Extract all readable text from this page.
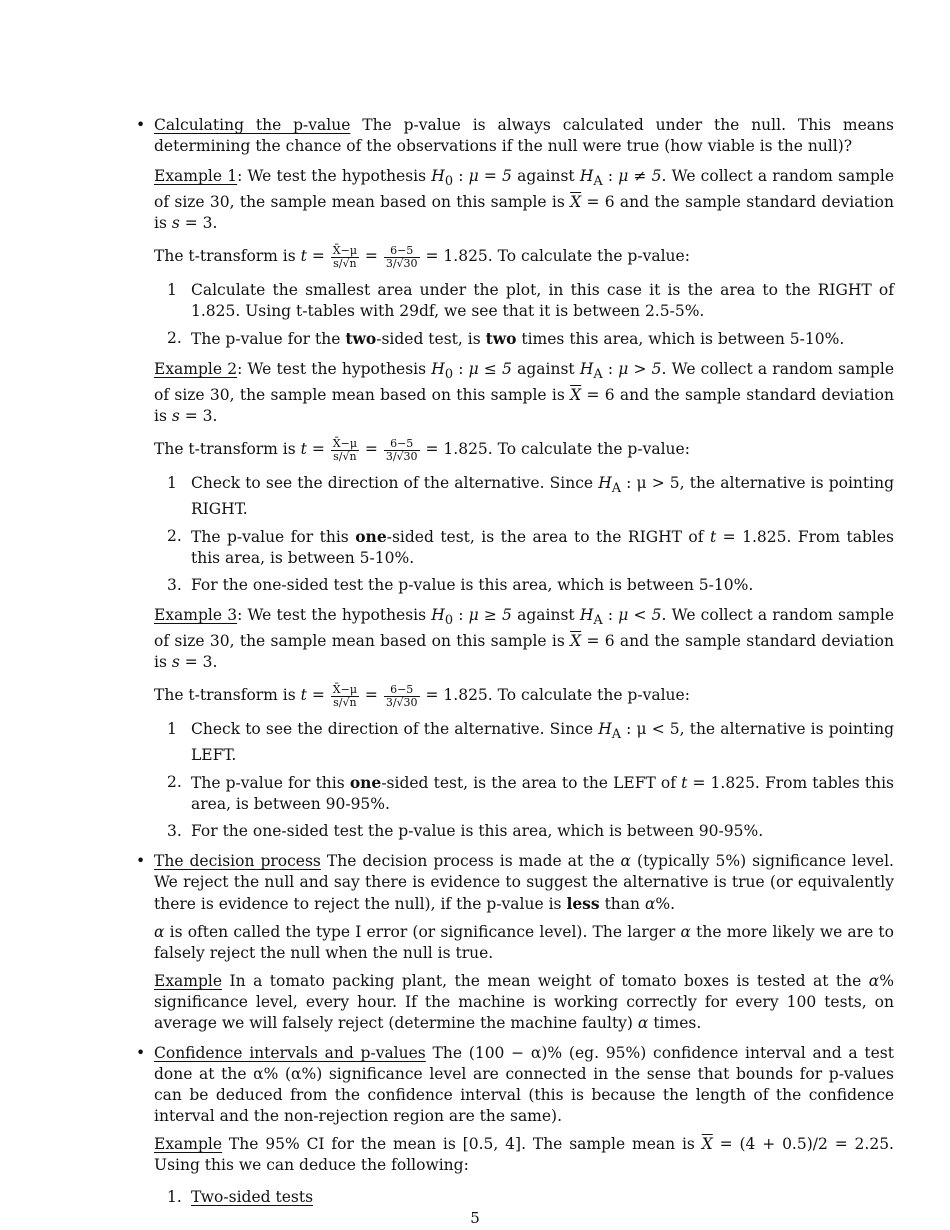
• Calculating the p-value The p-value is always calculated under the null. This means determining the chance of the observations if the null were true (how viable is the null)?

Example 1: We test the hypothesis $H_0$ : μ = 5 against $H_A$ : μ ≠ 5. We collect a random sample of size 30, the sample mean based on this sample is $\overline{X} = 6$ and the sample standard deviation is s = 3.

The t-transform is $t = \frac{X̄-\mu}{s/√n} = \frac{6-5}{3/√30} = 1.825$. To calculate the p-value:

1 Calculate the smallest area under the plot, in this case it is the area to the RIGHT of 1.825. Using t-tables with 29df, we see that it is between 2.5-5%.
2. The p-value for the two-sided test, is two times this area, which is between 5-10%.

Example 2: We test the hypothesis $H_0$ : μ ≤ 5 against $H_A$ : μ > 5. We collect a random sample of size 30, the sample mean based on this sample is $\overline{X} = 6$ and the sample standard deviation is s = 3.

The t-transform is $t = \frac{X̄-\mu}{s/√n} = \frac{6-5}{3/√30} = 1.825$. To calculate the p-value:

1 Check to see the direction of the alternative. Since $H_A$ : μ > 5, the alternative is pointing RIGHT.
2. The p-value for this one-sided test, is the area to the RIGHT of t = 1.825. From tables this area, is between 5-10%.
3. For the one-sided test the p-value is this area, which is between 5-10%.

Example 3: We test the hypothesis $H_0$ : μ ≥ 5 against $H_A$ : μ < 5. We collect a random sample of size 30, the sample mean based on this sample is $\overline{X} = 6$ and the sample standard deviation is s = 3.

The t-transform is $t = \frac{X̄-\mu}{s/√n} = \frac{6-5}{3/√30} = 1.825$. To calculate the p-value:

1 Check to see the direction of the alternative. Since $H_A$ : μ < 5, the alternative is pointing LEFT.
2. The p-value for this one-sided test, is the area to the LEFT of t = 1.825. From tables this area, is between 90-95%.
3. For the one-sided test the p-value is this area, which is between 90-95%.
• The decision process The decision process is made at the α (typically 5%) significance level. We reject the null and say there is evidence to suggest the alternative is true (or equivalently there is evidence to reject the null), if the p-value is less than α%.

α is often called the type I error (or significance level). The larger α the more likely we are to falsely reject the null when the null is true.

Example In a tomato packing plant, the mean weight of tomato boxes is tested at the α% significance level, every hour. If the machine is working correctly for every 100 tests, on average we will falsely reject (determine the machine faulty) α times.

• Confidence intervals and p-values The (100 − α)% (eg. 95%) confidence interval and a test done at the α% (α%) significance level are connected in the sense that bounds for p-values can be deduced from the confidence interval (this is because the length of the confidence interval and the non-rejection region are the same).

Example The 95% CI for the mean is [0.5, 4]. The sample mean is $\overline{X} = (4 + 0.5)/2 = 2.25$. Using this we can deduce the following:

1. Two-sided tests
5
